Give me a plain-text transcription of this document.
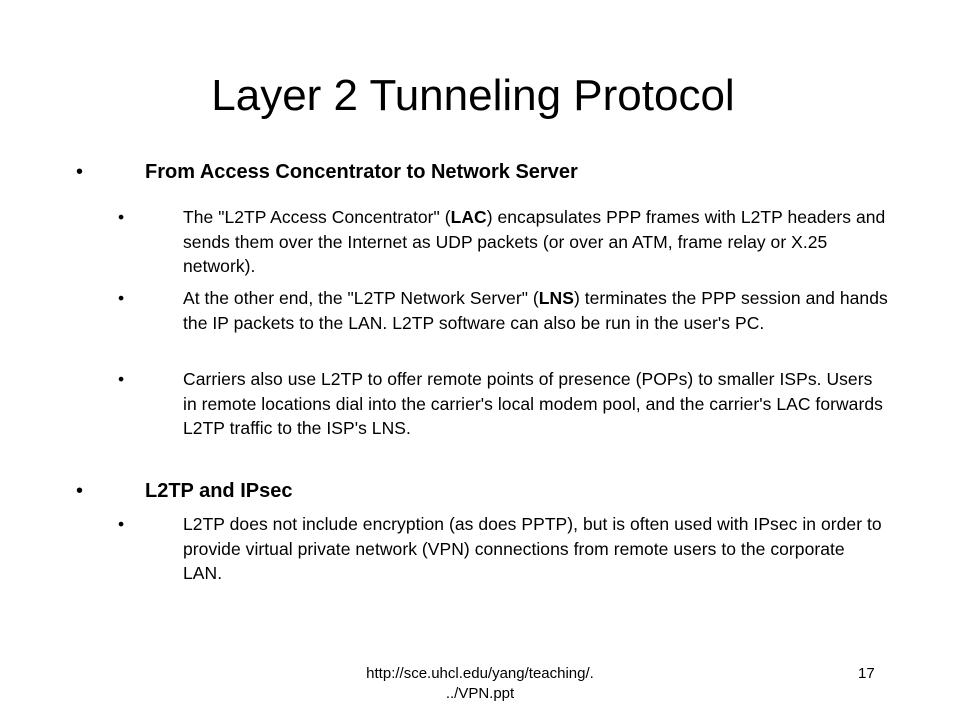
Layer 2 Tunneling Protocol
•	From Access Concentrator to Network Server
•	The "L2TP Access Concentrator" (LAC) encapsulates PPP frames with L2TP headers and sends them over the Internet as UDP packets (or over an ATM, frame relay or X.25 network).
•	At the other end, the "L2TP Network Server" (LNS) terminates the PPP session and hands the IP packets to the LAN. L2TP software can also be run in the user's PC.
•	Carriers also use L2TP to offer remote points of presence (POPs) to smaller ISPs. Users in remote locations dial into the carrier's local modem pool, and the carrier's LAC forwards L2TP traffic to the ISP's LNS.
•	L2TP and IPsec
•	L2TP does not include encryption (as does PPTP), but is often used with IPsec in order to provide virtual private network (VPN) connections from remote users to the corporate LAN.
http://sce.uhcl.edu/yang/teaching/.
../VPN.ppt
17
